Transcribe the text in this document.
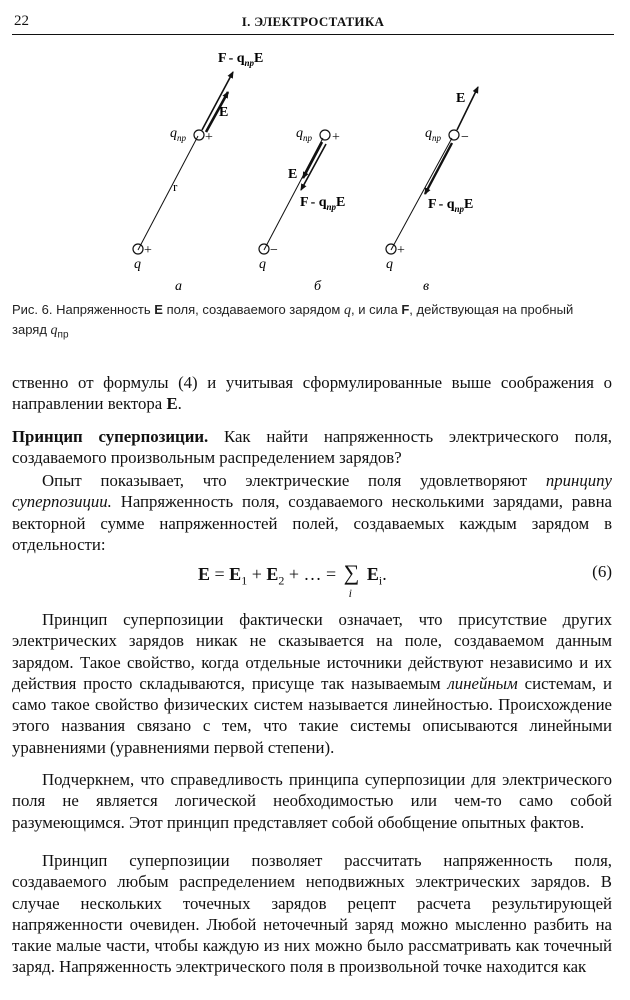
22	I. ЭЛЕКТРОСТАТИКА
F - $q_{пр}E$
E
$q_{пр}$ +
r
+
q
а
$q_{пр}$ +
E
F - $q_{пр}E$
−
q
б
E
$q_{пр}$ −
F - $q_{пр}E$
+
q
в
Рис. 6. Напряженность E поля, создаваемого зарядом q, и сила F, действующая на пробный заряд $q_{пр}$
ственно от формулы (4) и учитывая сформулированные выше соображения о направлении вектора E.
Принцип суперпозиции. Как найти напряженность электрического поля, создаваемого произвольным распределением зарядов?
Опыт показывает, что электрические поля удовлетворяют принципу суперпозиции. Напряженность поля, создаваемого несколькими зарядами, равна векторной сумме напряженностей полей, создаваемых каждым зарядом в отдельности:
$E = E_1 + E_2$ + … = ∑
i
$E_i$.	(6)
Принцип суперпозиции фактически означает, что присутствие других электрических зарядов никак не сказывается на поле, создаваемом данным зарядом. Такое свойство, когда отдельные источники действуют независимо и их действия просто складываются, присуще так называемым линейным системам, и само такое свойство физических систем называется линейностью. Происхождение этого названия связано с тем, что такие системы описываются линейными уравнениями (уравнениями первой степени).
Подчеркнем, что справедливость принципа суперпозиции для электрического поля не является логической необходимостью или чем-то само собой разумеющимся. Этот принцип представляет собой обобщение опытных фактов.
Принцип суперпозиции позволяет рассчитать напряженность поля, создаваемого любым распределением неподвижных электрических зарядов. В случае нескольких точечных зарядов рецепт расчета результирующей напряженности очевиден. Любой неточечный заряд можно мысленно разбить на такие малые части, чтобы каждую из них можно было рассматривать как точечный заряд. Напряженность электрического поля в произвольной точке находится как
